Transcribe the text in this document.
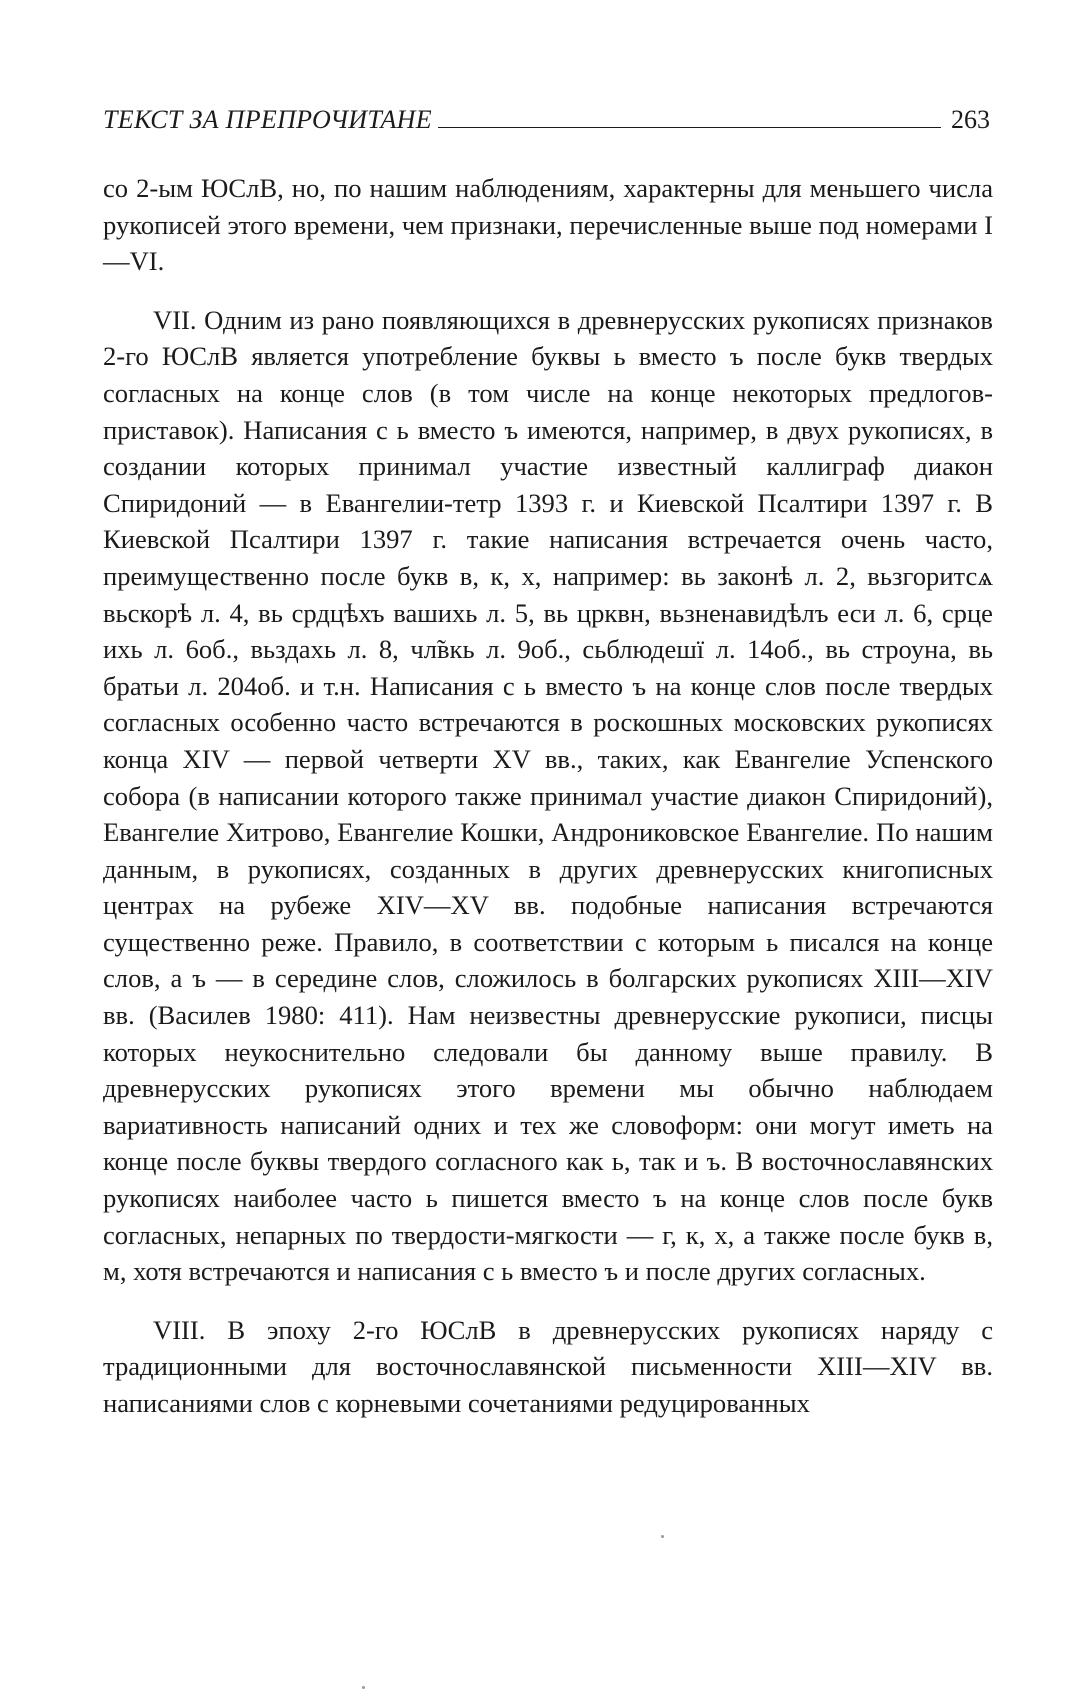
ТЕКСТ ЗА ПРЕПРОЧИТАНЕ	263

со 2-ым ЮСлВ, но, по нашим наблюдениям, характерны для меньшего числа рукописей этого времени, чем признаки, перечисленные выше под номерами I—VI.

VII. Одним из рано появляющихся в древнерусских рукописях признаков 2-го ЮСлВ является употребление буквы ь вместо ъ после букв твердых согласных на конце слов (в том числе на конце некоторых предлогов-приставок). Написания с ь вместо ъ имеются, например, в двух рукописях, в создании которых принимал участие известный каллиграф диакон Спиридоний — в Евангелии-тетр 1393 г. и Киевской Псалтири 1397 г. В Киевской Псалтири 1397 г. такие написания встречается очень часто, преимущественно после букв в, к, х, например: вь законѣ л. 2, вьзгоритсѧ вьскорѣ л. 4, вь срдцѣхъ вашихь л. 5, вь црквн, вьзненавидѣлъ еси л. 6, срце ихь л. 6об., вьздахь л. 8, чл̃вкь л. 9об., сьблюдешї л. 14об., вь строуна, вь братьи л. 204об. и т.н. Написания с ь вместо ъ на конце слов после твердых согласных особенно часто встречаются в роскошных московских рукописях конца XIV — первой четверти XV вв., таких, как Евангелие Успенского собора (в написании которого также принимал участие диакон Спиридоний), Евангелие Хитрово, Евангелие Кошки, Андрониковское Евангелие. По нашим данным, в рукописях, созданных в других древнерусских книгописных центрах на рубеже XIV—XV вв. подобные написания встречаются существенно реже. Правило, в соответствии с которым ь писался на конце слов, а ъ — в середине слов, сложилось в болгарских рукописях XIII—XIV вв. (Василев 1980: 411). Нам неизвестны древнерусские рукописи, писцы которых неукоснительно следовали бы данному выше правилу. В древнерусских рукописях этого времени мы обычно наблюдаем вариативность написаний одних и тех же словоформ: они могут иметь на конце после буквы твердого согласного как ь, так и ъ. В восточнославянских рукописях наиболее часто ь пишется вместо ъ на конце слов после букв согласных, непарных по твердости-мягкости — г, к, х, а также после букв в, м, хотя встречаются и написания с ь вместо ъ и после других согласных.

VIII. В эпоху 2-го ЮСлВ в древнерусских рукописях наряду с традиционными для восточнославянской письменности XIII—XIV вв. написаниями слов с корневыми сочетаниями редуцированных
